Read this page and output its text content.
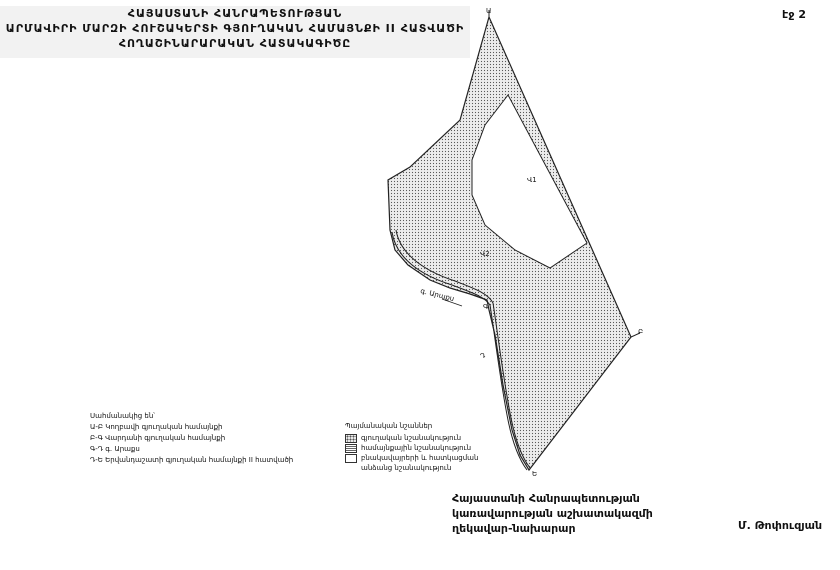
ՀԱՅԱՍՏԱՆԻ ՀԱՆՐԱՊԵՏՈՒԹՅԱՆ
ԱՐՄԱՎԻՐԻ ՄԱՐԶԻ ՀՈՒՇԱԿԵՐՏԻ ԳՅՈՒՂԱԿԱՆ ՀԱՄԱՅՆՔԻ II ՀԱՏՎԱԾԻ
ՀՈՂԱՇԻՆԱՐԱՐԱԿԱՆ ՀԱՏԱԿԱԳԻԾԸ
էջ 2
Ա
Բ
Գ
Դ
Ե
Վ1
Վ2
գ. Արաքս
Սահմանակից են՝
Ա-Բ Կողբավի գյուղական համայնքի
Բ-Գ Վարդանի գյուղական համայնքի
Գ-Դ գ. Արաքս
Դ-Ե Երվանդաշատի գյուղական համայնքի II հատվածի
Պայմանական նշաններ
գյուղական նշանակություն
համայնքային նշանակություն
բնակավայրերի և հատկացման անձանց նշանակություն
Հայաստանի Հանրապետության
կառավարության աշխատակազմի
ղեկավար-նախարար	Մ. Թոփուզյան
